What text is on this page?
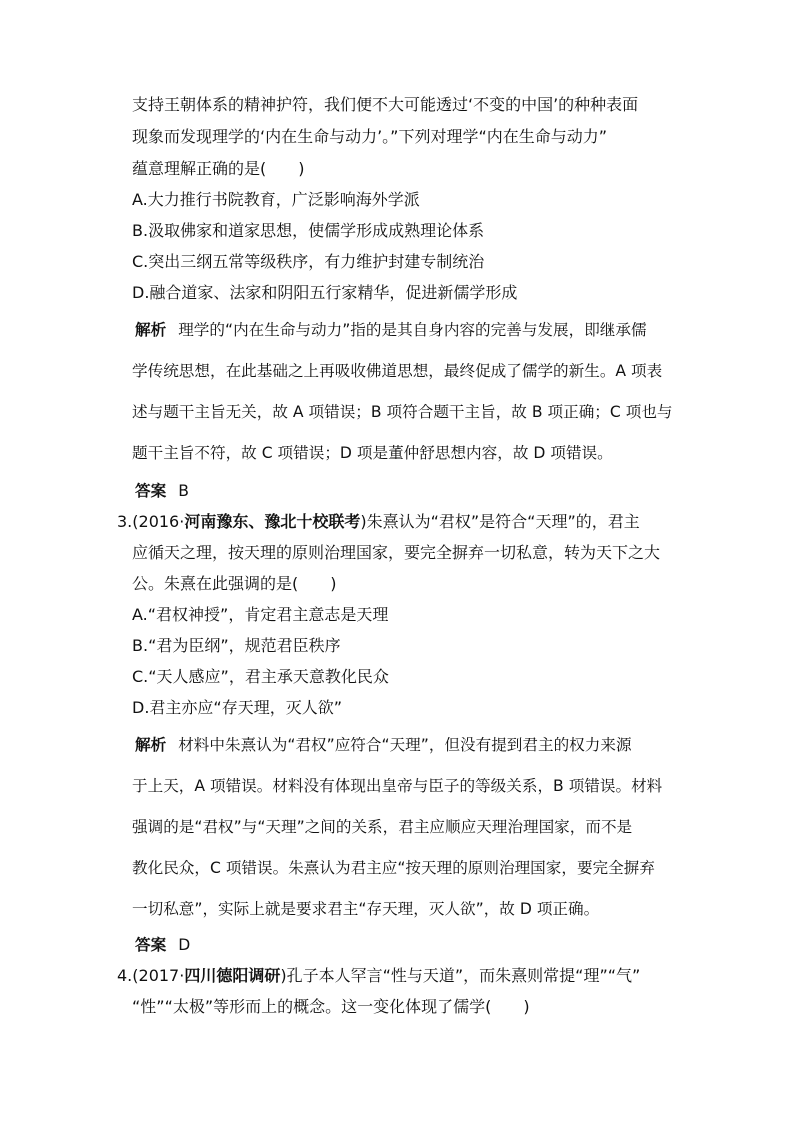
支持王朝体系的精神护符，我们便不大可能透过‘不变的中国’的种种表面
现象而发现理学的‘内在生命与动力’。”下列对理学“内在生命与动力”
蕴意理解正确的是(　　)
A.大力推行书院教育，广泛影响海外学派
B.汲取佛家和道家思想，使儒学形成成熟理论体系
C.突出三纲五常等级秩序，有力维护封建专制统治
D.融合道家、法家和阴阳五行家精华，促进新儒学形成
解析 理学的“内在生命与动力”指的是其自身内容的完善与发展，即继承儒
学传统思想，在此基础之上再吸收佛道思想，最终促成了儒学的新生。A 项表
述与题干主旨无关，故 A 项错误；B 项符合题干主旨，故 B 项正确；C 项也与
题干主旨不符，故 C 项错误；D 项是董仲舒思想内容，故 D 项错误。
答案 B
3.(2016·河南豫东、豫北十校联考)朱熹认为“君权”是符合“天理”的，君主
应循天之理，按天理的原则治理国家，要完全摒弃一切私意，转为天下之大
公。朱熹在此强调的是(　　)
A.“君权神授”，肯定君主意志是天理
B.“君为臣纲”，规范君臣秩序
C.“天人感应”，君主承天意教化民众
D.君主亦应“存天理，灭人欲”
解析 材料中朱熹认为“君权”应符合“天理”，但没有提到君主的权力来源
于上天，A 项错误。材料没有体现出皇帝与臣子的等级关系，B 项错误。材料
强调的是“君权”与“天理”之间的关系，君主应顺应天理治理国家，而不是
教化民众，C 项错误。朱熹认为君主应“按天理的原则治理国家，要完全摒弃
一切私意”，实际上就是要求君主“存天理，灭人欲”，故 D 项正确。
答案 D
4.(2017·四川德阳调研)孔子本人罕言“性与天道”，而朱熹则常提“理”“气”
“性”“太极”等形而上的概念。这一变化体现了儒学(　　)
